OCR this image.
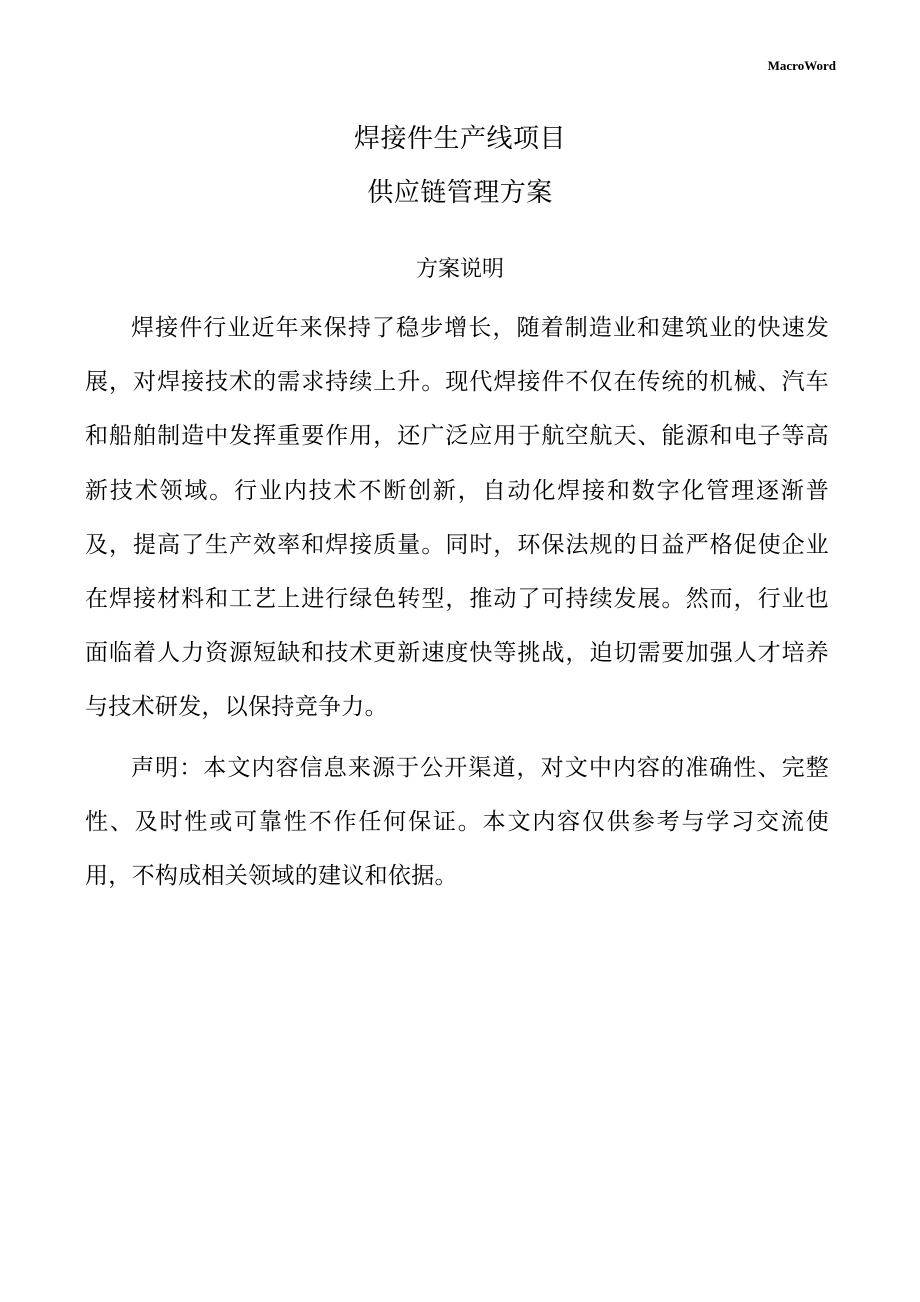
MacroWord
焊接件生产线项目
供应链管理方案
方案说明

焊接件行业近年来保持了稳步增长，随着制造业和建筑业的快速发展，对焊接技术的需求持续上升。现代焊接件不仅在传统的机械、汽车和船舶制造中发挥重要作用，还广泛应用于航空航天、能源和电子等高新技术领域。行业内技术不断创新，自动化焊接和数字化管理逐渐普及，提高了生产效率和焊接质量。同时，环保法规的日益严格促使企业在焊接材料和工艺上进行绿色转型，推动了可持续发展。然而，行业也面临着人力资源短缺和技术更新速度快等挑战，迫切需要加强人才培养与技术研发，以保持竞争力。

声明：本文内容信息来源于公开渠道，对文中内容的准确性、完整性、及时性或可靠性不作任何保证。本文内容仅供参考与学习交流使用，不构成相关领域的建议和依据。
